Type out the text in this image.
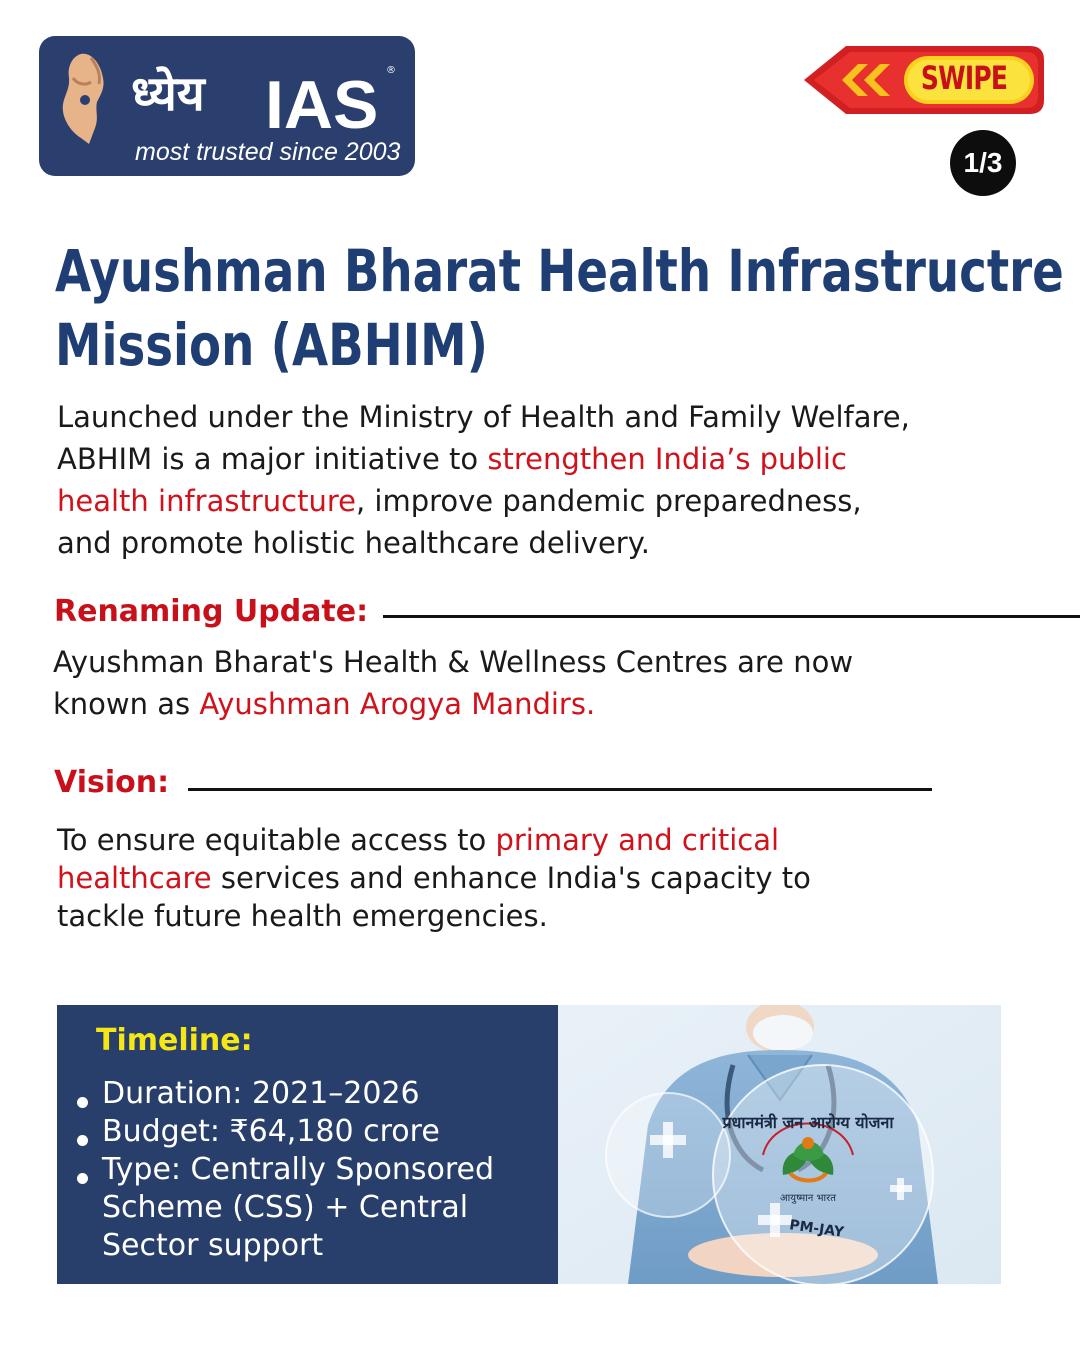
ध्येय IAS ®
most trusted since 2003
SWIPE
1/3
Ayushman Bharat Health Infrastructre
Mission (ABHIM)
Launched under the Ministry of Health and Family Welfare,
ABHIM is a major initiative to strengthen India’s public
health infrastructure, improve pandemic preparedness,
and promote holistic healthcare delivery.
Renaming Update:
Ayushman Bharat's Health & Wellness Centres are now
known as Ayushman Arogya Mandirs.
Vision:
To ensure equitable access to primary and critical
healthcare services and enhance India's capacity to
tackle future health emergencies.
Timeline:
Duration: 2021–2026
Budget: ₹64,180 crore
Type: Centrally Sponsored
Scheme (CSS) + Central
Sector support
प्रधानमंत्री जन आरोग्य योजना
आयुष्मान भारत
PM-JAY
